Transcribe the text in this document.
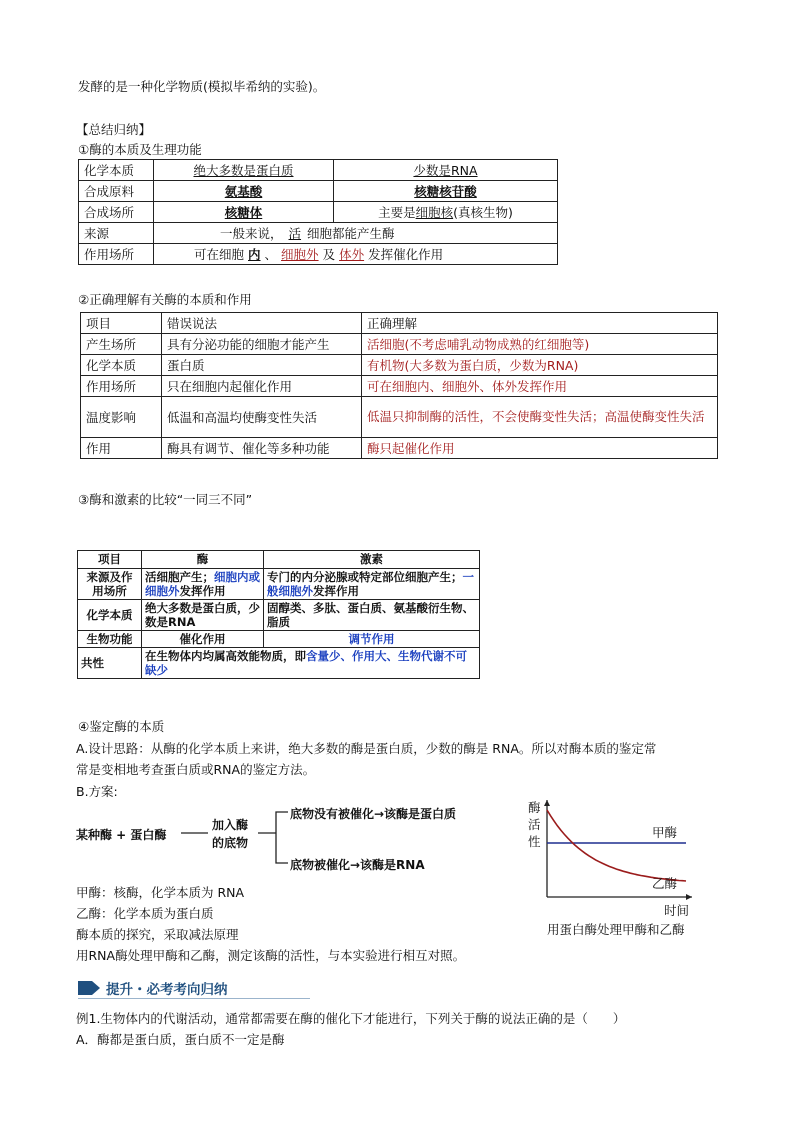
发酵的是一种化学物质(模拟毕希纳的实验)。
【总结归纳】
①酶的本质及生理功能
化学本质	绝大多数是蛋白质	少数是RNA
合成原料	氨基酸	核糖核苷酸
合成场所	核糖体	主要是细胞核(真核生物)
来源	一般来说， 活 细胞都能产生酶	
作用场所	可在细胞 内 、 细胞外 及 体外 发挥催化作用	
②正确理解有关酶的本质和作用
项目	错误说法	正确理解
产生场所	具有分泌功能的细胞才能产生	活细胞(不考虑哺乳动物成熟的红细胞等)
化学本质	蛋白质	有机物(大多数为蛋白质，少数为RNA)
作用场所	只在细胞内起催化作用	可在细胞内、细胞外、体外发挥作用
温度影响	低温和高温均使酶变性失活	低温只抑制酶的活性，不会使酶变性失活；高温使酶变性失活
作用	酶具有调节、催化等多种功能	酶只起催化作用
③酶和激素的比较“一同三不同”
项目	酶	激素
来源及作用场所	活细胞产生；细胞内或细胞外发挥作用	专门的内分泌腺或特定部位细胞产生；一般细胞外发挥作用
化学本质	绝大多数是蛋白质，少数是RNA	固醇类、多肽、蛋白质、氨基酸衍生物、脂质
生物功能	催化作用	调节作用
共性	在生物体内均属高效能物质，即含量少、作用大、生物代谢不可缺少	
④鉴定酶的本质
A.设计思路：从酶的化学本质上来讲，绝大多数的酶是蛋白质，少数的酶是 RNA。所以对酶本质的鉴定常
常是变相地考查蛋白质或RNA的鉴定方法。
B.方案:
某种酶 + 蛋白酶
加入酶
的底物
底物没有被催化→该酶是蛋白质
底物被催化→该酶是RNA
酶活性
甲酶
乙酶
时间
用蛋白酶处理甲酶和乙酶
甲酶：核酶，化学本质为 RNA
乙酶：化学本质为蛋白质
酶本质的探究，采取减法原理
用RNA酶处理甲酶和乙酶，测定该酶的活性，与本实验进行相互对照。
提升・必考考向归纳
例1.生物体内的代谢活动，通常都需要在酶的催化下才能进行，下列关于酶的说法正确的是（　　）
A．酶都是蛋白质，蛋白质不一定是酶
